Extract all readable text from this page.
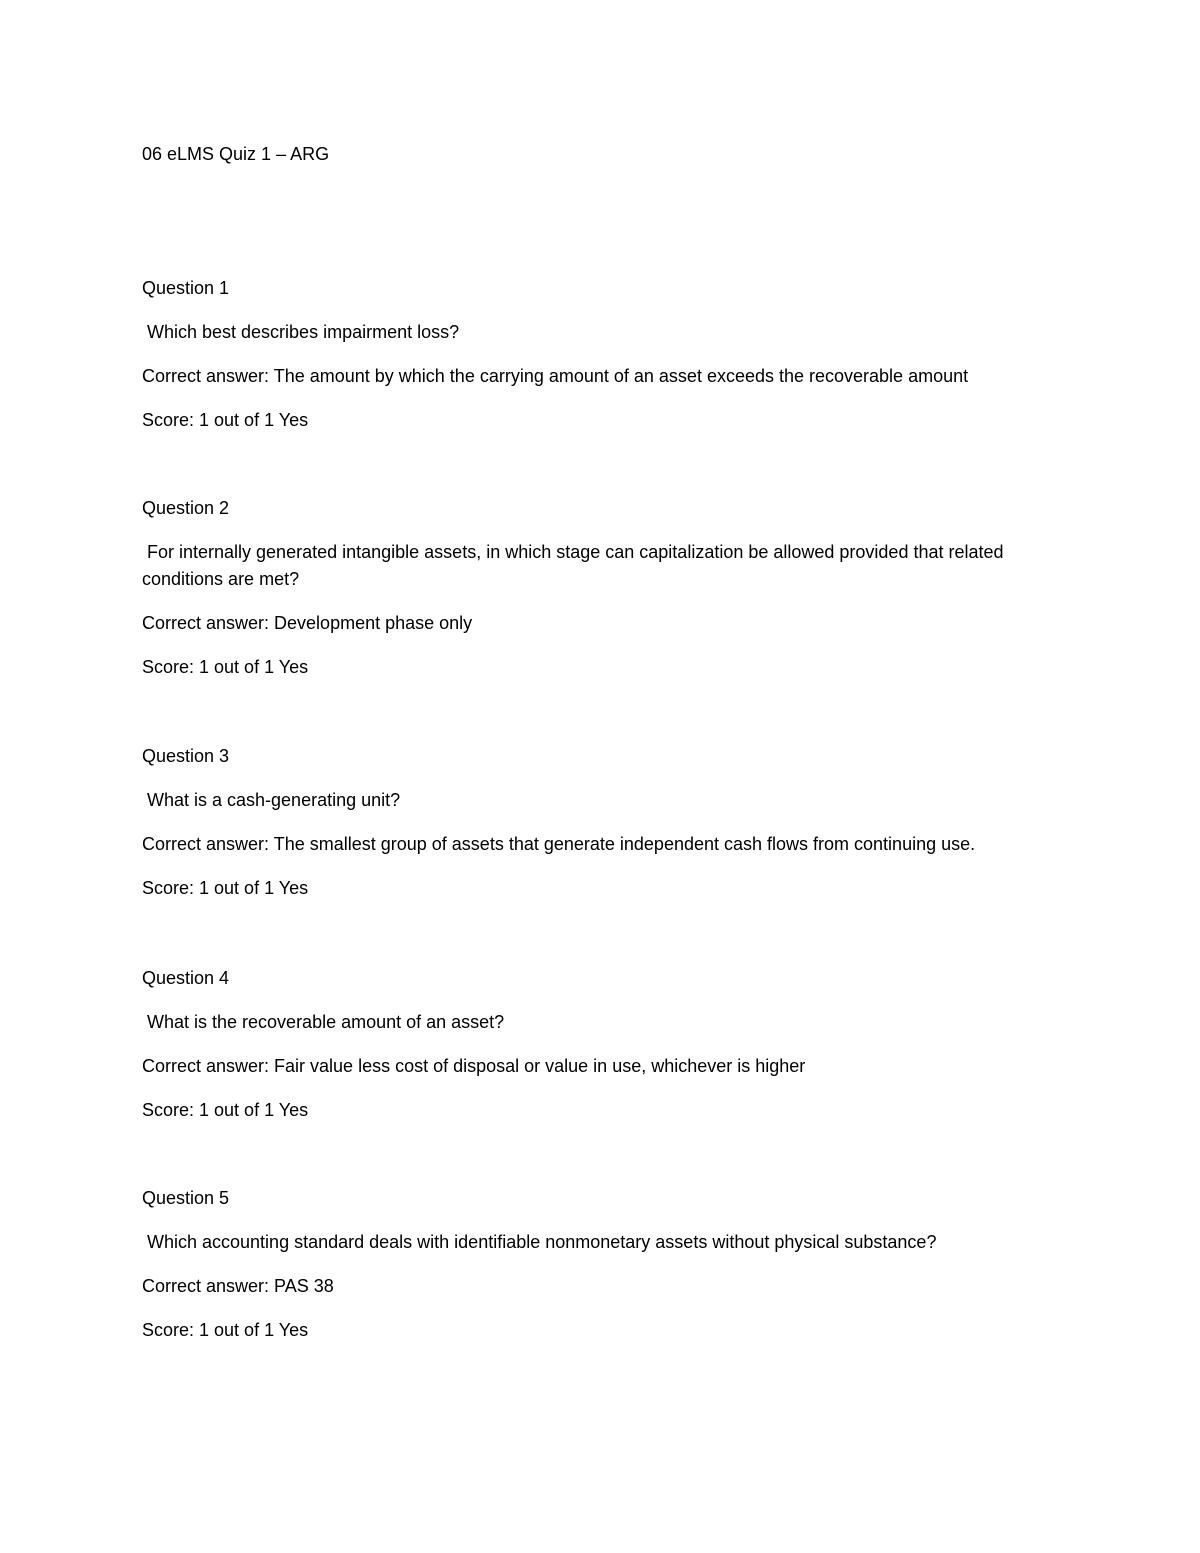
06 eLMS Quiz 1 – ARG

Question 1

Which best describes impairment loss?

Correct answer: The amount by which the carrying amount of an asset exceeds the recoverable amount

Score: 1 out of 1 Yes

Question 2

For internally generated intangible assets, in which stage can capitalization be allowed provided that related conditions are met?

Correct answer: Development phase only

Score: 1 out of 1 Yes

Question 3

What is a cash-generating unit?

Correct answer: The smallest group of assets that generate independent cash flows from continuing use.

Score: 1 out of 1 Yes

Question 4

What is the recoverable amount of an asset?

Correct answer: Fair value less cost of disposal or value in use, whichever is higher

Score: 1 out of 1 Yes

Question 5

Which accounting standard deals with identifiable nonmonetary assets without physical substance?

Correct answer: PAS 38

Score: 1 out of 1 Yes
